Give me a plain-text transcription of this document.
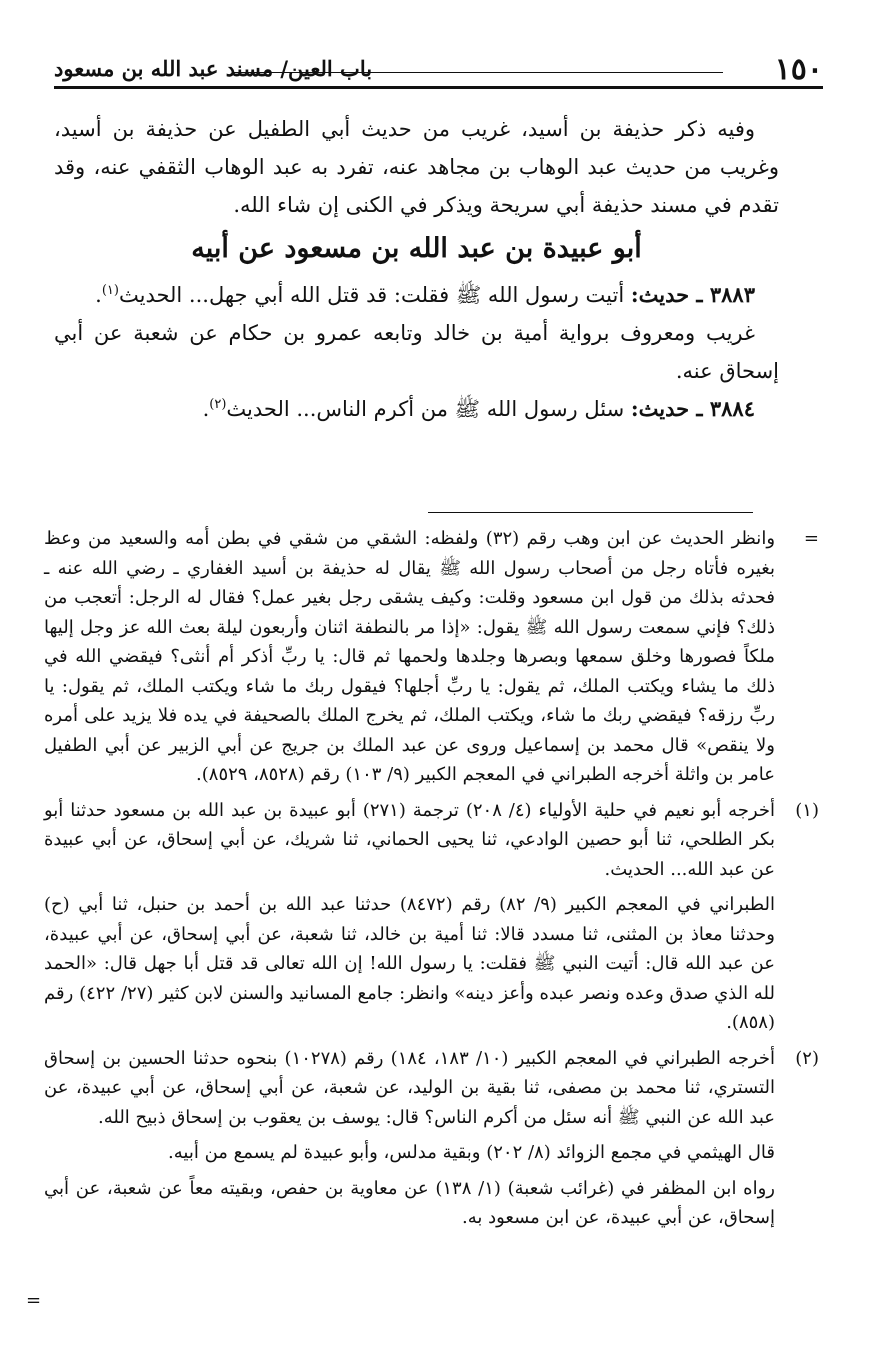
١٥٠
باب العين/ مسند عبد الله بن مسعود

وفيه ذكر حذيفة بن أسيد، غريب من حديث أبي الطفيل عن حذيفة بن أسيد، وغريب من حديث عبد الوهاب بن مجاهد عنه، تفرد به عبد الوهاب الثقفي عنه، وقد تقدم في مسند حذيفة أبي سريحة ويذكر في الكنى إن شاء الله.

أبو عبيدة بن عبد الله بن مسعود عن أبيه

٣٨٨٣ ـ حديث: أتيت رسول الله ﷺ فقلت: قد قتل الله أبي جهل... الحديث$^{(١)}$.

غريب ومعروف برواية أمية بن خالد وتابعه عمرو بن حكام عن شعبة عن أبي إسحاق عنه.

٣٨٨٤ ـ حديث: سئل رسول الله ﷺ من أكرم الناس... الحديث$^{(٢)}$.

=

وانظر الحديث عن ابن وهب رقم (٣٢) ولفظه: الشقي من شقي في بطن أمه والسعيد من وعظ بغيره فأتاه رجل من أصحاب رسول الله ﷺ يقال له حذيفة بن أسيد الغفاري ـ رضي الله عنه ـ فحدثه بذلك من قول ابن مسعود وقلت: وكيف يشقى رجل بغير عمل؟ فقال له الرجل: أتعجب من ذلك؟ فإني سمعت رسول الله ﷺ يقول: «إذا مر بالنطفة اثنان وأربعون ليلة بعث الله عز وجل إليها ملكاً فصورها وخلق سمعها وبصرها وجلدها ولحمها ثم قال: يا ربِّ أذكر أم أنثى؟ فيقضي الله في ذلك ما يشاء ويكتب الملك، ثم يقول: يا ربِّ أجلها؟ فيقول ربك ما شاء ويكتب الملك، ثم يقول: يا ربِّ رزقه؟ فيقضي ربك ما شاء، ويكتب الملك، ثم يخرج الملك بالصحيفة في يده فلا يزيد على أمره ولا ينقص» قال محمد بن إسماعيل وروى عن عبد الملك بن جريج عن أبي الزبير عن أبي الطفيل عامر بن واثلة أخرجه الطبراني في المعجم الكبير (٩/ ١٠٣) رقم (٨٥٢٨، ٨٥٢٩).

(١)

أخرجه أبو نعيم في حلية الأولياء (٤/ ٢٠٨) ترجمة (٢٧١) أبو عبيدة بن عبد الله بن مسعود حدثنا أبو بكر الطلحي، ثنا أبو حصين الوادعي، ثنا يحيى الحماني، ثنا شريك، عن أبي إسحاق، عن أبي عبيدة عن عبد الله... الحديث.

الطبراني في المعجم الكبير (٩/ ٨٢) رقم (٨٤٧٢) حدثنا عبد الله بن أحمد بن حنبل، ثنا أبي (ح) وحدثنا معاذ بن المثنى، ثنا مسدد قالا: ثنا أمية بن خالد، ثنا شعبة، عن أبي إسحاق، عن أبي عبيدة، عن عبد الله قال: أتيت النبي ﷺ فقلت: يا رسول الله! إن الله تعالى قد قتل أبا جهل قال: «الحمد لله الذي صدق وعده ونصر عبده وأعز دينه» وانظر: جامع المسانيد والسنن لابن كثير (٢٧/ ٤٢٢) رقم (٨٥٨).

(٢)

أخرجه الطبراني في المعجم الكبير (١٠/ ١٨٣، ١٨٤) رقم (١٠٢٧٨) بنحوه حدثنا الحسين بن إسحاق التستري، ثنا محمد بن مصفى، ثنا بقية بن الوليد، عن شعبة، عن أبي إسحاق، عن أبي عبيدة، عن عبد الله عن النبي ﷺ أنه سئل من أكرم الناس؟ قال: يوسف بن يعقوب بن إسحاق ذبيح الله.

قال الهيثمي في مجمع الزوائد (٨/ ٢٠٢) وبقية مدلس، وأبو عبيدة لم يسمع من أبيه.

رواه ابن المظفر في (غرائب شعبة) (١/ ١٣٨) عن معاوية بن حفص، وبقيته معاً عن شعبة، عن أبي إسحاق، عن أبي عبيدة، عن ابن مسعود به.

=
